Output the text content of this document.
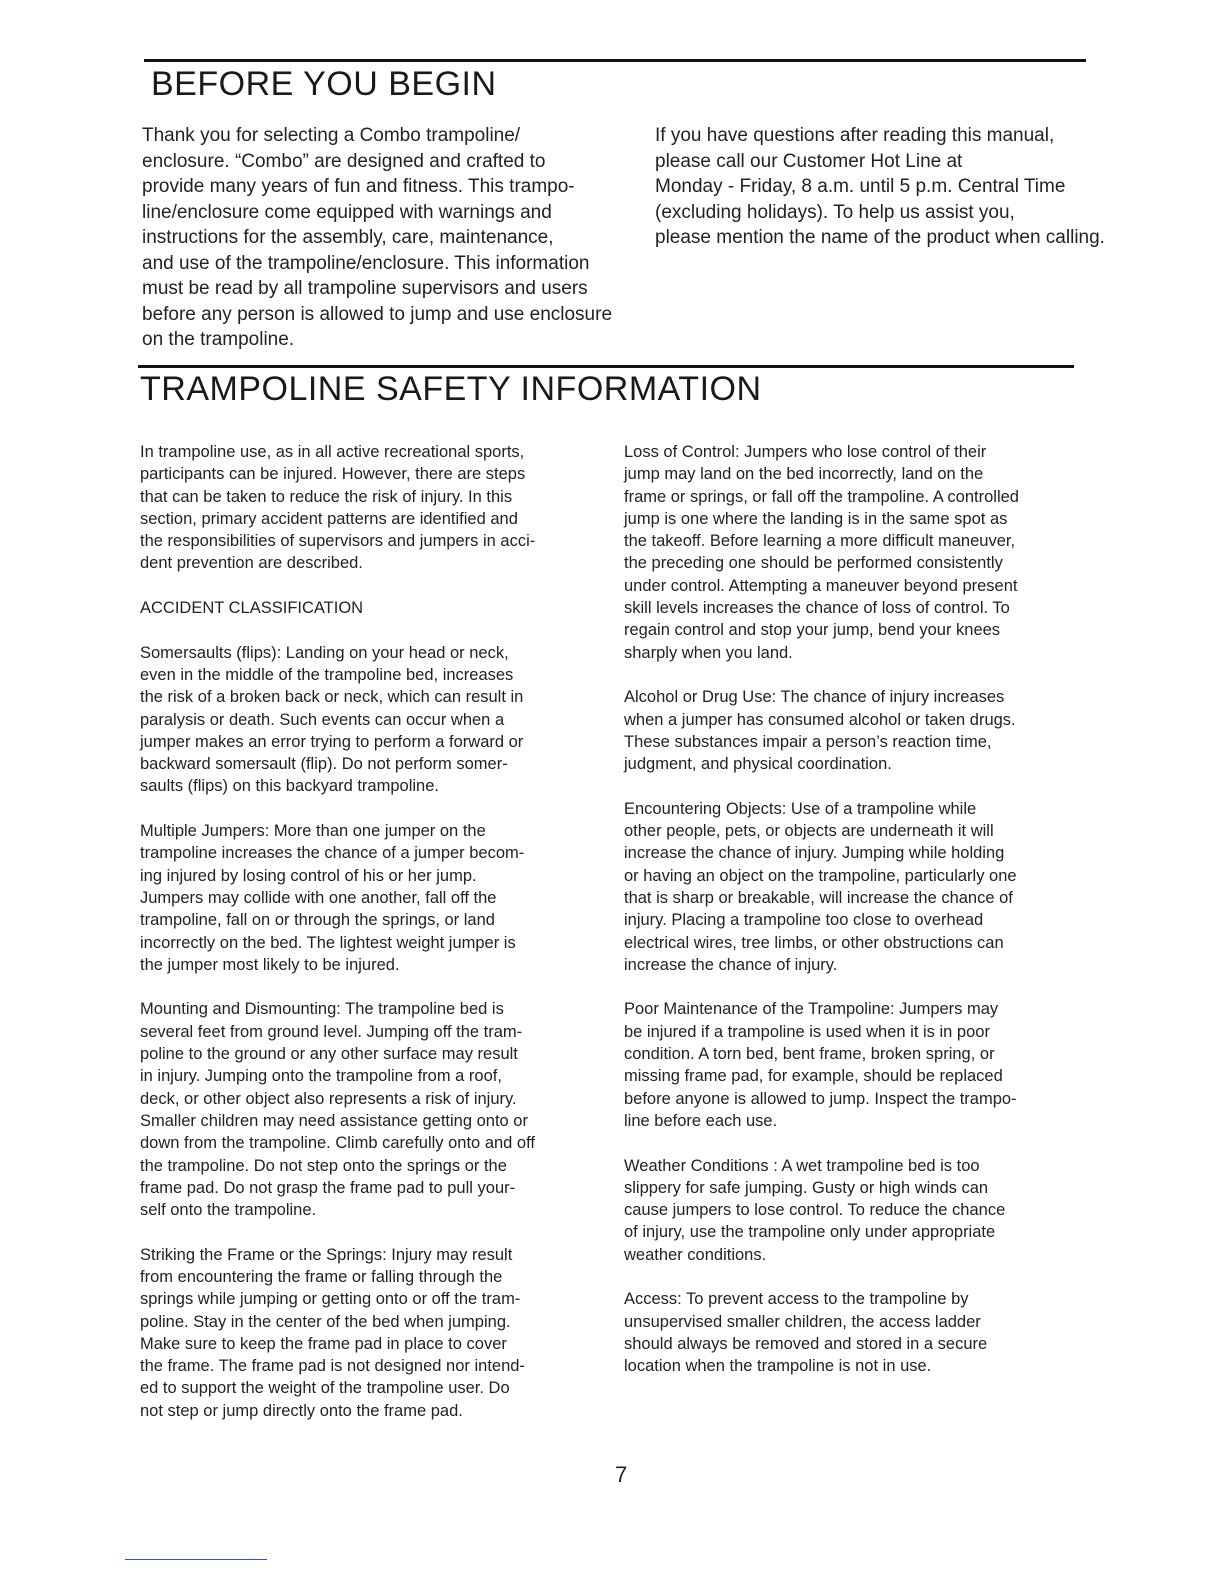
BEFORE YOU BEGIN
Thank you for selecting a Combo trampoline/
enclosure. “Combo” are designed and crafted to
provide many years of fun and fitness. This trampo-
line/enclosure come equipped with warnings and
instructions for the assembly, care, maintenance,
and use of the trampoline/enclosure. This information
must be read by all trampoline supervisors and users
before any person is allowed to jump and use enclosure
on the trampoline.
If you have questions after reading this manual,
please call our Customer Hot Line at
Monday - Friday, 8 a.m. until 5 p.m. Central Time
(excluding holidays). To help us assist you,
please mention the name of the product when calling.
TRAMPOLINE SAFETY INFORMATION
In trampoline use, as in all active recreational sports,
participants can be injured. However, there are steps
that can be taken to reduce the risk of injury. In this
section, primary accident patterns are identified and
the responsibilities of supervisors and jumpers in acci-
dent prevention are described.
ACCIDENT CLASSIFICATION
Somersaults (flips): Landing on your head or neck,
even in the middle of the trampoline bed, increases
the risk of a broken back or neck, which can result in
paralysis or death. Such events can occur when a
jumper makes an error trying to perform a forward or
backward somersault (flip). Do not perform somer-
saults (flips) on this backyard trampoline.
Multiple Jumpers: More than one jumper on the
trampoline increases the chance of a jumper becom-
ing injured by losing control of his or her jump.
Jumpers may collide with one another, fall off the
trampoline, fall on or through the springs, or land
incorrectly on the bed. The lightest weight jumper is
the jumper most likely to be injured.
Mounting and Dismounting: The trampoline bed is
several feet from ground level. Jumping off the tram-
poline to the ground or any other surface may result
in injury. Jumping onto the trampoline from a roof,
deck, or other object also represents a risk of injury.
Smaller children may need assistance getting onto or
down from the trampoline. Climb carefully onto and off
the trampoline. Do not step onto the springs or the
frame pad. Do not grasp the frame pad to pull your-
self onto the trampoline.
Striking the Frame or the Springs: Injury may result
from encountering the frame or falling through the
springs while jumping or getting onto or off the tram-
poline. Stay in the center of the bed when jumping.
Make sure to keep the frame pad in place to cover
the frame. The frame pad is not designed nor intend-
ed to support the weight of the trampoline user. Do
not step or jump directly onto the frame pad.
Loss of Control: Jumpers who lose control of their
jump may land on the bed incorrectly, land on the
frame or springs, or fall off the trampoline. A controlled
jump is one where the landing is in the same spot as
the takeoff. Before learning a more difficult maneuver,
the preceding one should be performed consistently
under control. Attempting a maneuver beyond present
skill levels increases the chance of loss of control. To
regain control and stop your jump, bend your knees
sharply when you land.
Alcohol or Drug Use: The chance of injury increases
when a jumper has consumed alcohol or taken drugs.
These substances impair a person’s reaction time,
judgment, and physical coordination.
Encountering Objects: Use of a trampoline while
other people, pets, or objects are underneath it will
increase the chance of injury. Jumping while holding
or having an object on the trampoline, particularly one
that is sharp or breakable, will increase the chance of
injury. Placing a trampoline too close to overhead
electrical wires, tree limbs, or other obstructions can
increase the chance of injury.
Poor Maintenance of the Trampoline: Jumpers may
be injured if a trampoline is used when it is in poor
condition. A torn bed, bent frame, broken spring, or
missing frame pad, for example, should be replaced
before anyone is allowed to jump. Inspect the trampo-
line before each use.
Weather Conditions : A wet trampoline bed is too
slippery for safe jumping. Gusty or high winds can
cause jumpers to lose control. To reduce the chance
of injury, use the trampoline only under appropriate
weather conditions.
Access: To prevent access to the trampoline by
unsupervised smaller children, the access ladder
should always be removed and stored in a secure
location when the trampoline is not in use.
7
